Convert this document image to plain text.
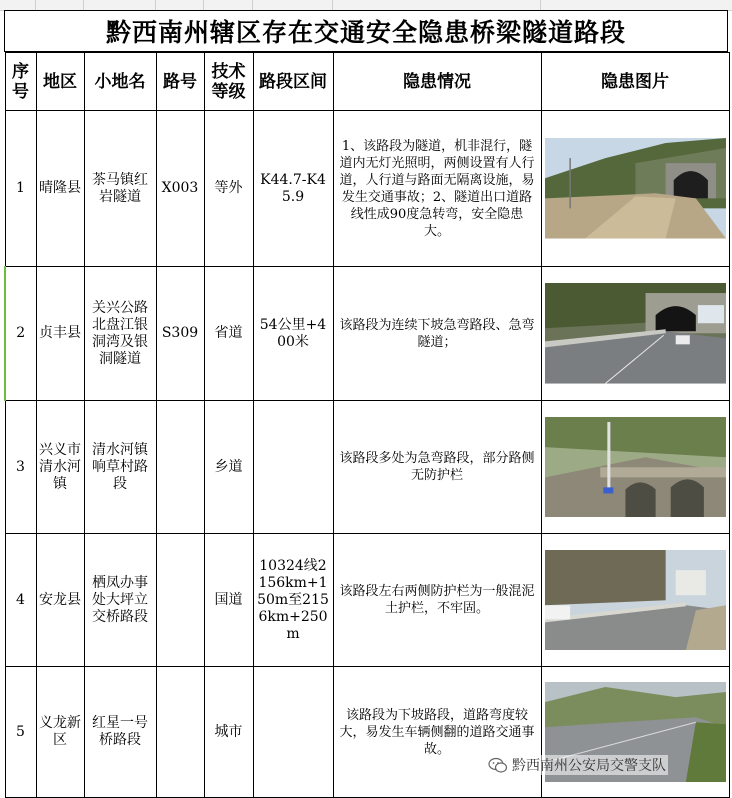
黔西南州辖区存在交通安全隐患桥梁隧道路段
序号	地区	小地名	路号	技术等级	路段区间	隐患情况	隐患图片
1	晴隆县	茶马镇红岩隧道	X003	等外	K44.7-K45.9	1、该路段为隧道，机非混行，隧道内无灯光照明，两侧设置有人行道，人行道与路面无隔离设施，易发生交通事故；2、隧道出口道路线性成90度急转弯，安全隐患大。	

2	贞丰县	关兴公路北盘江银洞湾及银洞隧道	S309	省道	54公里+400米	该路段为连续下坡急弯路段、急弯隧道；	

3	兴义市清水河镇	清水河镇响草村路段		乡道		该路段多处为急弯路段，部分路侧无防护栏	

4	安龙县	栖凤办事处大坪立交桥路段		国道	10324线2156km+150m至2156km+250m	该路段左右两侧防护栏为一般混泥土护栏，不牢固。	

5	义龙新区	红星一号桥路段		城市		该路段为下坡路段，道路弯度较大，易发生车辆侧翻的道路交通事故。	
黔西南州公安局交警支队
